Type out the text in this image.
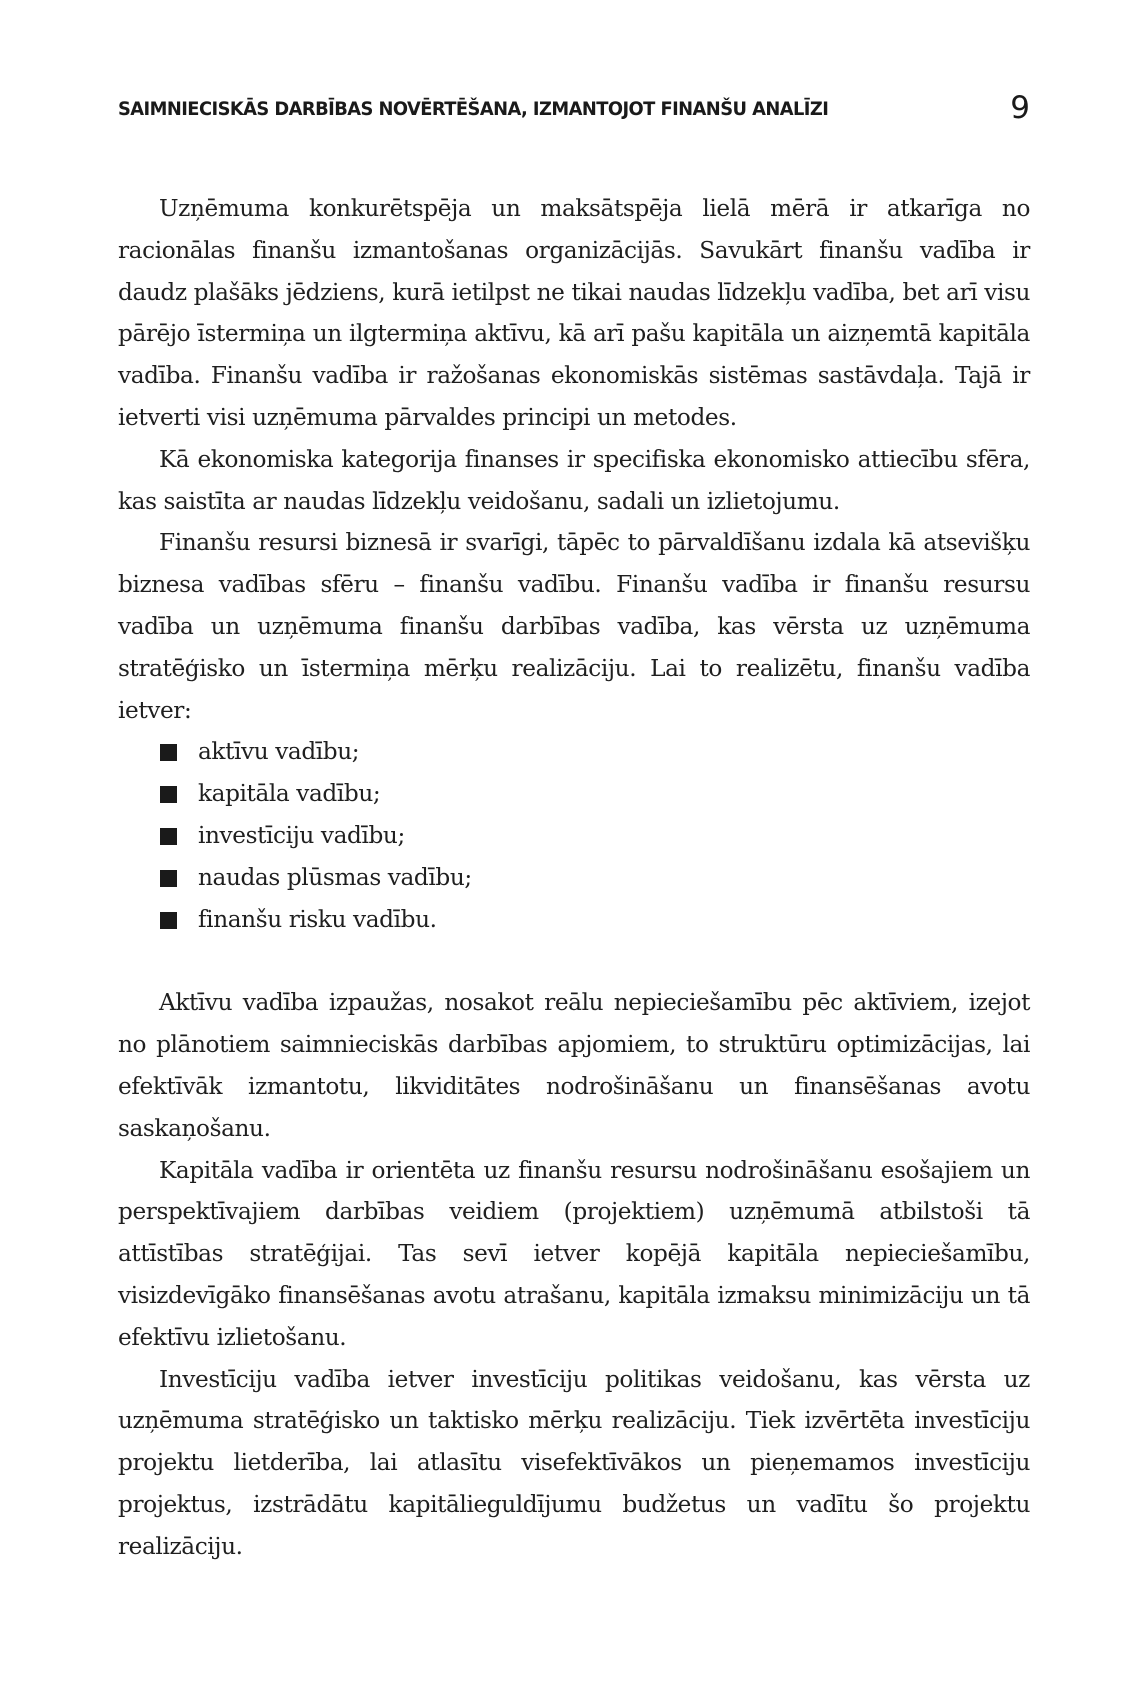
SAIMNIECISKĀS DARBĪBAS NOVĒRTĒŠANA, IZMANTOJOT FINANŠU ANALĪZI	9

Uzņēmuma konkurētspēja un maksātspēja lielā mērā ir atkarīga no racionālas finanšu izmantošanas organizācijās. Savukārt finanšu vadība ir daudz plašāks jēdziens, kurā ietilpst ne tikai naudas līdzekļu vadība, bet arī visu pārējo īstermiņa un ilgtermiņa aktīvu, kā arī pašu kapitāla un aizņemtā kapitāla vadība. Finanšu vadība ir ražošanas ekonomiskās sistēmas sastāvdaļa. Tajā ir ietverti visi uzņēmuma pārvaldes principi un metodes.

Kā ekonomiska kategorija finanses ir specifiska ekonomisko attiecību sfēra, kas saistīta ar naudas līdzekļu veidošanu, sadali un izlietojumu.

Finanšu resursi biznesā ir svarīgi, tāpēc to pārvaldīšanu izdala kā atsevišķu biznesa vadības sfēru – finanšu vadību. Finanšu vadība ir finanšu resursu vadība un uzņēmuma finanšu darbības vadība, kas vērsta uz uzņēmuma stratēģisko un īstermiņa mērķu realizāciju. Lai to realizētu, finanšu vadība ietver:

aktīvu vadību;
kapitāla vadību;
investīciju vadību;
naudas plūsmas vadību;
finanšu risku vadību.

Aktīvu vadība izpaužas, nosakot reālu nepieciešamību pēc aktīviem, izejot no plānotiem saimnieciskās darbības apjomiem, to struktūru optimizācijas, lai efektīvāk izmantotu, likviditātes nodrošināšanu un finansēšanas avotu saskaņošanu.

Kapitāla vadība ir orientēta uz finanšu resursu nodrošināšanu esošajiem un perspektīvajiem darbības veidiem (projektiem) uzņēmumā atbilstoši tā attīstības stratēģijai. Tas sevī ietver kopējā kapitāla nepieciešamību, visizdevīgāko finansēšanas avotu atrašanu, kapitāla izmaksu minimizāciju un tā efektīvu izlietošanu.

Investīciju vadība ietver investīciju politikas veidošanu, kas vērsta uz uzņēmuma stratēģisko un taktisko mērķu realizāciju. Tiek izvērtēta investīciju projektu lietderība, lai atlasītu visefektīvākos un pieņemamos investīciju projektus, izstrādātu kapitālieguldījumu budžetus un vadītu šo projektu realizāciju.
